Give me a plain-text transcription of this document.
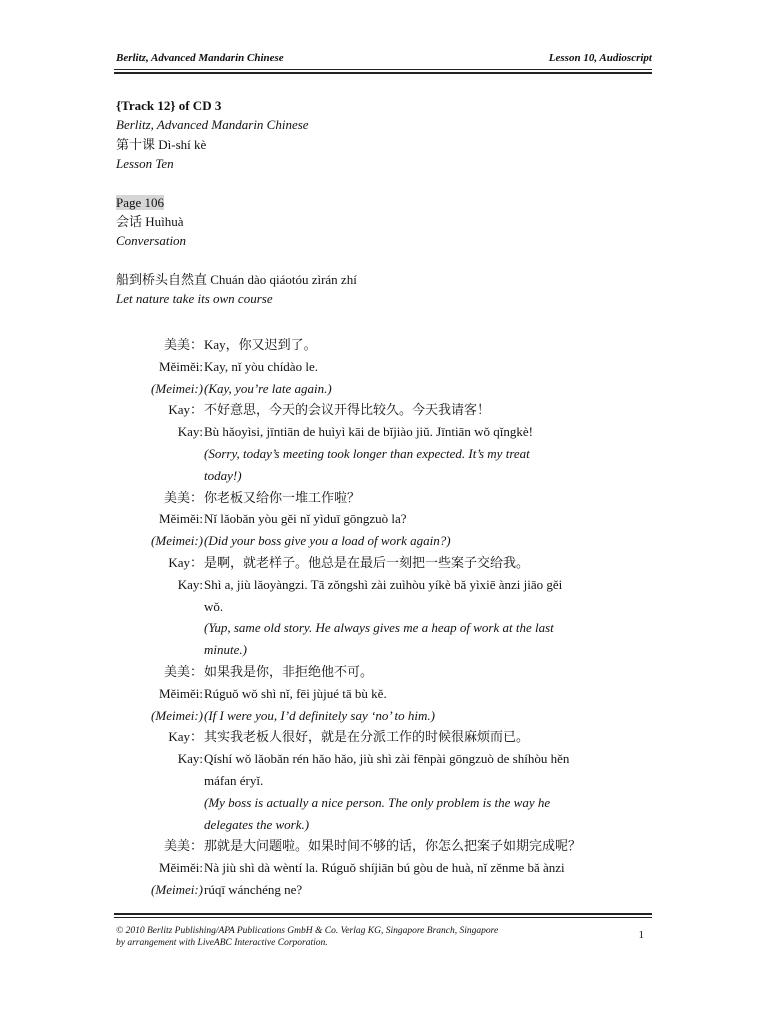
Berlitz, Advanced Mandarin Chinese	Lesson 10, Audioscript
{Track 12} of CD 3
Berlitz, Advanced Mandarin Chinese
第十课 Dì-shí kè
Lesson Ten
Page 106
会话 Huìhuà
Conversation
船到桥头自然直 Chuán dào qiáotóu zìrán zhí
Let nature take its own course
美美： Kay，你又迟到了。
Měiměi: Kay, nǐ yòu chídào le.
(Meimei:) (Kay, you’re late again.)
Kay： 不好意思，今天的会议开得比较久。今天我请客！
Kay: Bù hǎoyìsi, jīntiān de huìyì kāi de bǐjiào jiǔ. Jīntiān wǒ qǐngkè!
(Sorry, today’s meeting took longer than expected. It’s my treat
today!)
美美： 你老板又给你一堆工作啦？
Měiměi: Nǐ lǎobǎn yòu gěi nǐ yìduī gōngzuò la?
(Meimei:) (Did your boss give you a load of work again?)
Kay： 是啊，就老样子。他总是在最后一刻把一些案子交给我。
Kay: Shì a, jiù lǎoyàngzi. Tā zǒngshì zài zuìhòu yíkè bǎ yìxiē ànzi jiāo gěi
wǒ.
(Yup, same old story. He always gives me a heap of work at the last
minute.)
美美： 如果我是你，非拒绝他不可。
Měiměi: Rúguǒ wǒ shì nǐ, fēi jùjué tā bù kě.
(Meimei:) (If I were you, I’d definitely say ‘no’ to him.)
Kay： 其实我老板人很好，就是在分派工作的时候很麻烦而已。
Kay: Qíshí wǒ lǎobǎn rén hǎo hǎo, jiù shì zài fēnpài gōngzuò de shíhòu hěn
máfan éryǐ.
(My boss is actually a nice person. The only problem is the way he
delegates the work.)
美美： 那就是大问题啦。如果时间不够的话，你怎么把案子如期完成呢？
Měiměi: Nà jiù shì dà wèntí la. Rúguǒ shíjiān bú gòu de huà, nǐ zěnme bǎ ànzi
(Meimei:) rúqī wánchéng ne?
© 2010 Berlitz Publishing/APA Publications GmbH & Co. Verlag KG, Singapore Branch, Singapore
by arrangement with LiveABC Interactive Corporation.
1
